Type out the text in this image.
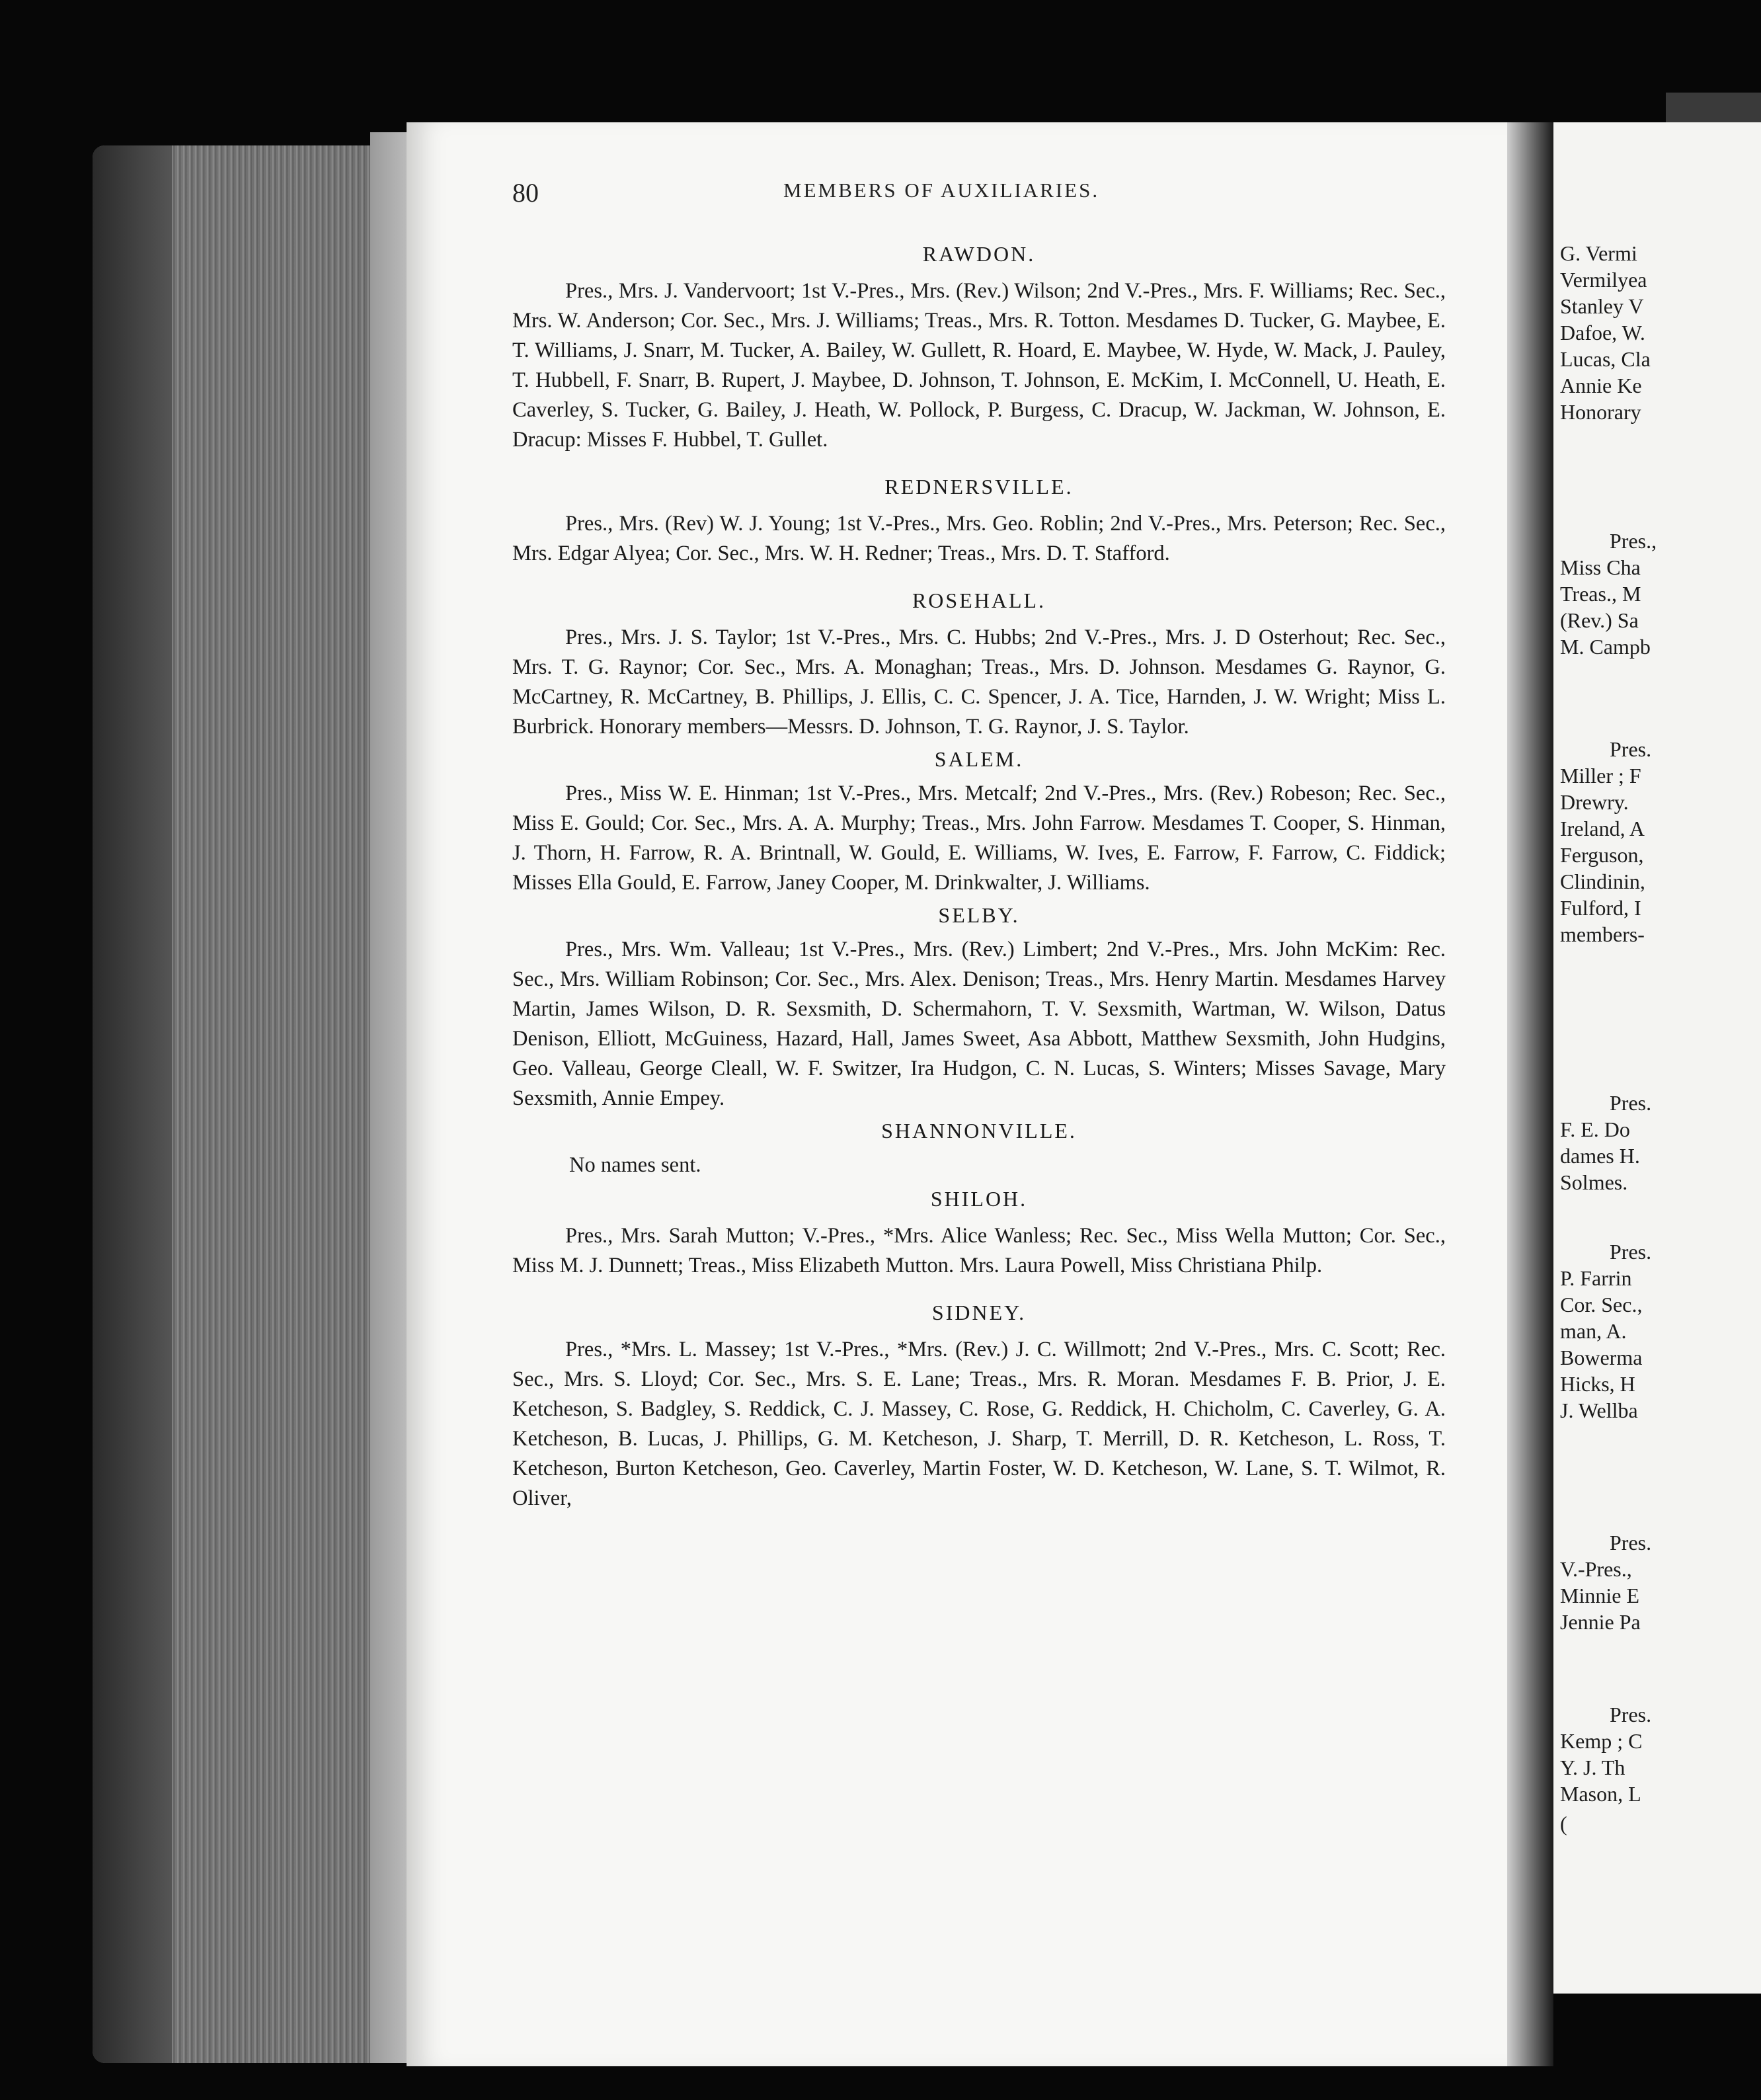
80	MEMBERS OF AUXILIARIES.
RAWDON.

Pres., Mrs. J. Vandervoort; 1st V.-Pres., Mrs. (Rev.) Wilson; 2nd V.-Pres., Mrs. F. Williams; Rec. Sec., Mrs. W. Anderson; Cor. Sec., Mrs. J. Williams; Treas., Mrs. R. Totton. Mesdames D. Tucker, G. Maybee, E. T. Williams, J. Snarr, M. Tucker, A. Bailey, W. Gullett, R. Hoard, E. Maybee, W. Hyde, W. Mack, J. Pauley, T. Hubbell, F. Snarr, B. Rupert, J. Maybee, D. Johnson, T. Johnson, E. McKim, I. McConnell, U. Heath, E. Caverley, S. Tucker, G. Bailey, J. Heath, W. Pollock, P. Burgess, C. Dracup, W. Jackman, W. Johnson, E. Dracup: Misses F. Hubbel, T. Gullet.

REDNERSVILLE.

Pres., Mrs. (Rev) W. J. Young; 1st V.-Pres., Mrs. Geo. Roblin; 2nd V.-Pres., Mrs. Peterson; Rec. Sec., Mrs. Edgar Alyea; Cor. Sec., Mrs. W. H. Redner; Treas., Mrs. D. T. Stafford.

ROSEHALL.

Pres., Mrs. J. S. Taylor; 1st V.-Pres., Mrs. C. Hubbs; 2nd V.-Pres., Mrs. J. D Osterhout; Rec. Sec., Mrs. T. G. Raynor; Cor. Sec., Mrs. A. Monaghan; Treas., Mrs. D. Johnson. Mesdames G. Raynor, G. McCartney, R. McCartney, B. Phillips, J. Ellis, C. C. Spencer, J. A. Tice, Harnden, J. W. Wright; Miss L. Burbrick. Honorary members—Messrs. D. Johnson, T. G. Raynor, J. S. Taylor.

SALEM.

Pres., Miss W. E. Hinman; 1st V.-Pres., Mrs. Metcalf; 2nd V.-Pres., Mrs. (Rev.) Robeson; Rec. Sec., Miss E. Gould; Cor. Sec., Mrs. A. A. Murphy; Treas., Mrs. John Farrow. Mesdames T. Cooper, S. Hinman, J. Thorn, H. Farrow, R. A. Brintnall, W. Gould, E. Williams, W. Ives, E. Farrow, F. Farrow, C. Fiddick; Misses Ella Gould, E. Farrow, Janey Cooper, M. Drinkwalter, J. Williams.

SELBY.

Pres., Mrs. Wm. Valleau; 1st V.-Pres., Mrs. (Rev.) Limbert; 2nd V.-Pres., Mrs. John McKim: Rec. Sec., Mrs. William Robinson; Cor. Sec., Mrs. Alex. Denison; Treas., Mrs. Henry Martin. Mesdames Harvey Martin, James Wilson, D. R. Sexsmith, D. Schermahorn, T. V. Sexsmith, Wartman, W. Wilson, Datus Denison, Elliott, McGuiness, Hazard, Hall, James Sweet, Asa Abbott, Matthew Sexsmith, John Hudgins, Geo. Valleau, George Cleall, W. F. Switzer, Ira Hudgon, C. N. Lucas, S. Winters; Misses Savage, Mary Sexsmith, Annie Empey.

SHANNONVILLE.

No names sent.

SHILOH.

Pres., Mrs. Sarah Mutton; V.-Pres., *Mrs. Alice Wanless; Rec. Sec., Miss Wella Mutton; Cor. Sec., Miss M. J. Dunnett; Treas., Miss Elizabeth Mutton. Mrs. Laura Powell, Miss Christiana Philp.

SIDNEY.

Pres., *Mrs. L. Massey; 1st V.-Pres., *Mrs. (Rev.) J. C. Willmott; 2nd V.-Pres., Mrs. C. Scott; Rec. Sec., Mrs. S. Lloyd; Cor. Sec., Mrs. S. E. Lane; Treas., Mrs. R. Moran. Mesdames F. B. Prior, J. E. Ketcheson, S. Badgley, S. Reddick, C. J. Massey, C. Rose, G. Reddick, H. Chicholm, C. Caverley, G. A. Ketcheson, B. Lucas, J. Phillips, G. M. Ketcheson, J. Sharp, T. Merrill, D. R. Ketcheson, L. Ross, T. Ketcheson, Burton Ketcheson, Geo. Caverley, Martin Foster, W. D. Ketcheson, W. Lane, S. T. Wilmot, R. Oliver,

G. Vermi
Vermilyea
Stanley V
Dafoe, W.
Lucas, Cla
Annie Ke
Honorary
Pres.,
Miss Cha
Treas., M
(Rev.) Sa
M. Campb
Pres.
Miller ; F
Drewry.
Ireland, A
Ferguson,
Clindinin,
Fulford, I
members-
Pres.
F. E. Do
dames H.
Solmes.
Pres.
P. Farrin
Cor. Sec.,
man, A.
Bowerma
Hicks, H
J. Wellba
Pres.
V.-Pres.,
Minnie E
Jennie Pa
Pres.
Kemp ; C
Y. J. Th
Mason, L
(
